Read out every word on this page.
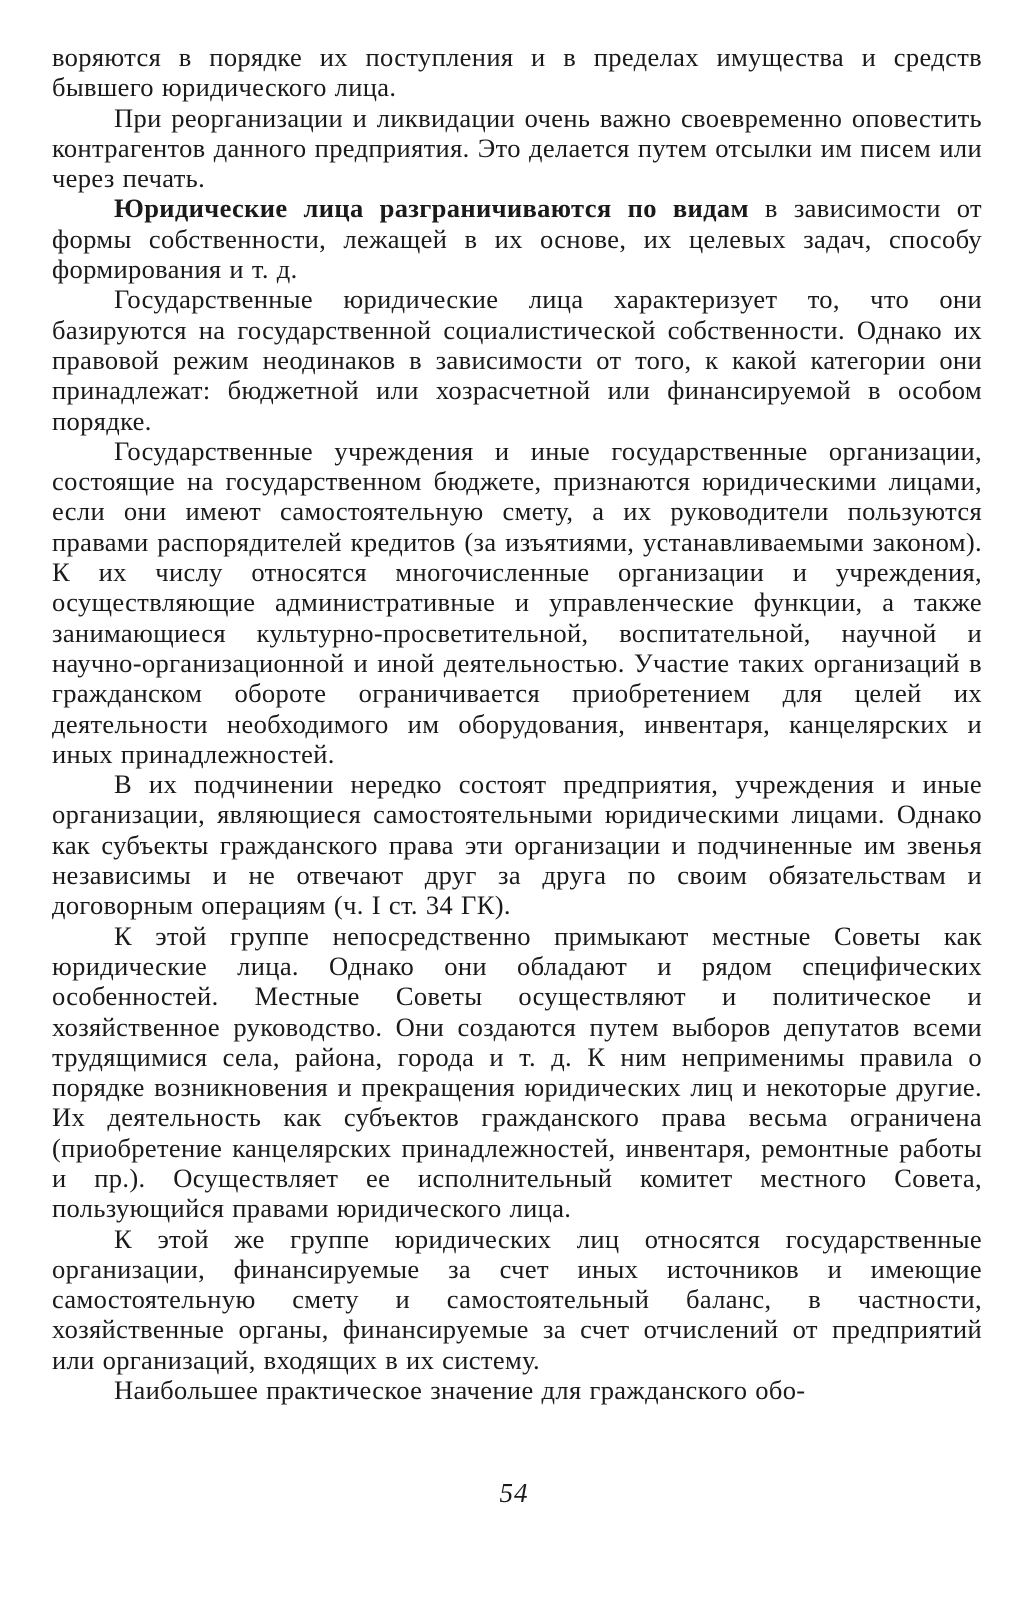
воряются в порядке их поступления и в пределах имущества и средств бывшего юридического лица.

При реорганизации и ликвидации очень важно своевременно оповестить контрагентов данного предприятия. Это делается путем отсылки им писем или через печать.

Юридические лица разграничиваются по видам в зависимости от формы собственности, лежащей в их основе, их целевых задач, способу формирования и т. д.

Государственные юридические лица характеризует то, что они базируются на государственной социалистической собственности. Однако их правовой режим неодинаков в зависимости от того, к какой категории они принадлежат: бюджетной или хозрасчетной или финансируемой в особом порядке.

Государственные учреждения и иные государственные организации, состоящие на государственном бюджете, признаются юридическими лицами, если они имеют самостоятельную смету, а их руководители пользуются правами распорядителей кредитов (за изъятиями, устанавливаемыми законом). К их числу относятся многочисленные организации и учреждения, осуществляющие административные и управленческие функции, а также занимающиеся культурно-просветительной, воспитательной, научной и научно-организационной и иной деятельностью. Участие таких организаций в гражданском обороте ограничивается приобретением для целей их деятельности необходимого им оборудования, инвентаря, канцелярских и иных принадлежностей.

В их подчинении нередко состоят предприятия, учреждения и иные организации, являющиеся самостоятельными юридическими лицами. Однако как субъекты гражданского права эти организации и подчиненные им звенья независимы и не отвечают друг за друга по своим обязательствам и договорным операциям (ч. I ст. 34 ГК).

К этой группе непосредственно примыкают местные Советы как юридические лица. Однако они обладают и рядом специфических особенностей. Местные Советы осуществляют и политическое и хозяйственное руководство. Они создаются путем выборов депутатов всеми трудящимися села, района, города и т. д. К ним неприменимы правила о порядке возникновения и прекращения юридических лиц и некоторые другие. Их деятельность как субъектов гражданского права весьма ограничена (приобретение канцелярских принадлежностей, инвентаря, ремонтные работы и пр.). Осуществляет ее исполнительный комитет местного Совета, пользующийся правами юридического лица.

К этой же группе юридических лиц относятся государственные организации, финансируемые за счет иных источников и имеющие самостоятельную смету и самостоятельный баланс, в частности, хозяйственные органы, финансируемые за счет отчислений от предприятий или организаций, входящих в их систему.

Наибольшее практическое значение для гражданского обо-

54
